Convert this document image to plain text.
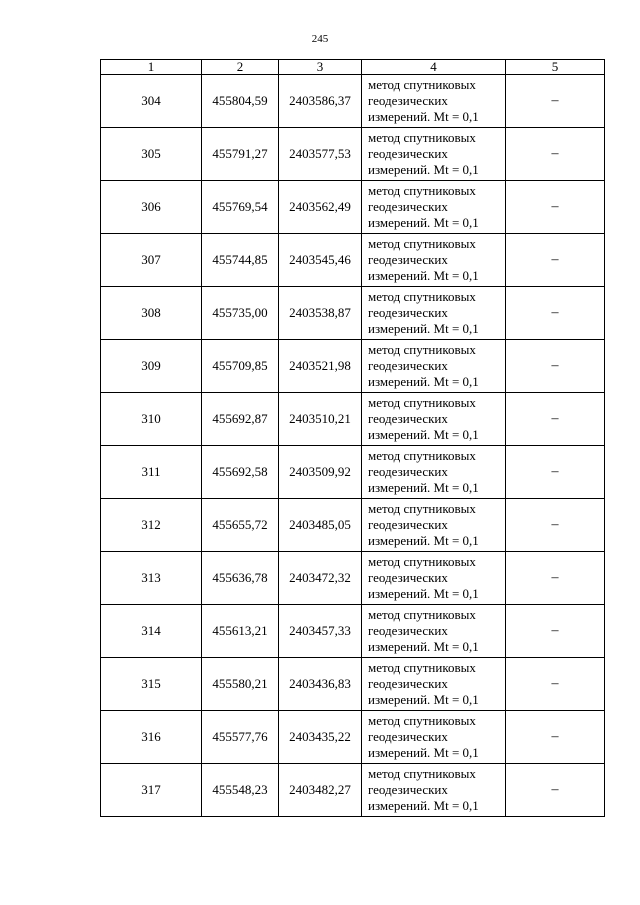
245
1	2	3	4	5
304	455804,59	2403586,37	метод спутниковых
геодезических
измерений. Mt = 0,1	–
305	455791,27	2403577,53	метод спутниковых
геодезических
измерений. Mt = 0,1	–
306	455769,54	2403562,49	метод спутниковых
геодезических
измерений. Mt = 0,1	–
307	455744,85	2403545,46	метод спутниковых
геодезических
измерений. Mt = 0,1	–
308	455735,00	2403538,87	метод спутниковых
геодезических
измерений. Mt = 0,1	–
309	455709,85	2403521,98	метод спутниковых
геодезических
измерений. Mt = 0,1	–
310	455692,87	2403510,21	метод спутниковых
геодезических
измерений. Mt = 0,1	–
311	455692,58	2403509,92	метод спутниковых
геодезических
измерений. Mt = 0,1	–
312	455655,72	2403485,05	метод спутниковых
геодезических
измерений. Mt = 0,1	–
313	455636,78	2403472,32	метод спутниковых
геодезических
измерений. Mt = 0,1	–
314	455613,21	2403457,33	метод спутниковых
геодезических
измерений. Mt = 0,1	–
315	455580,21	2403436,83	метод спутниковых
геодезических
измерений. Mt = 0,1	–
316	455577,76	2403435,22	метод спутниковых
геодезических
измерений. Mt = 0,1	–
317	455548,23	2403482,27	метод спутниковых
геодезических
измерений. Mt = 0,1	–
